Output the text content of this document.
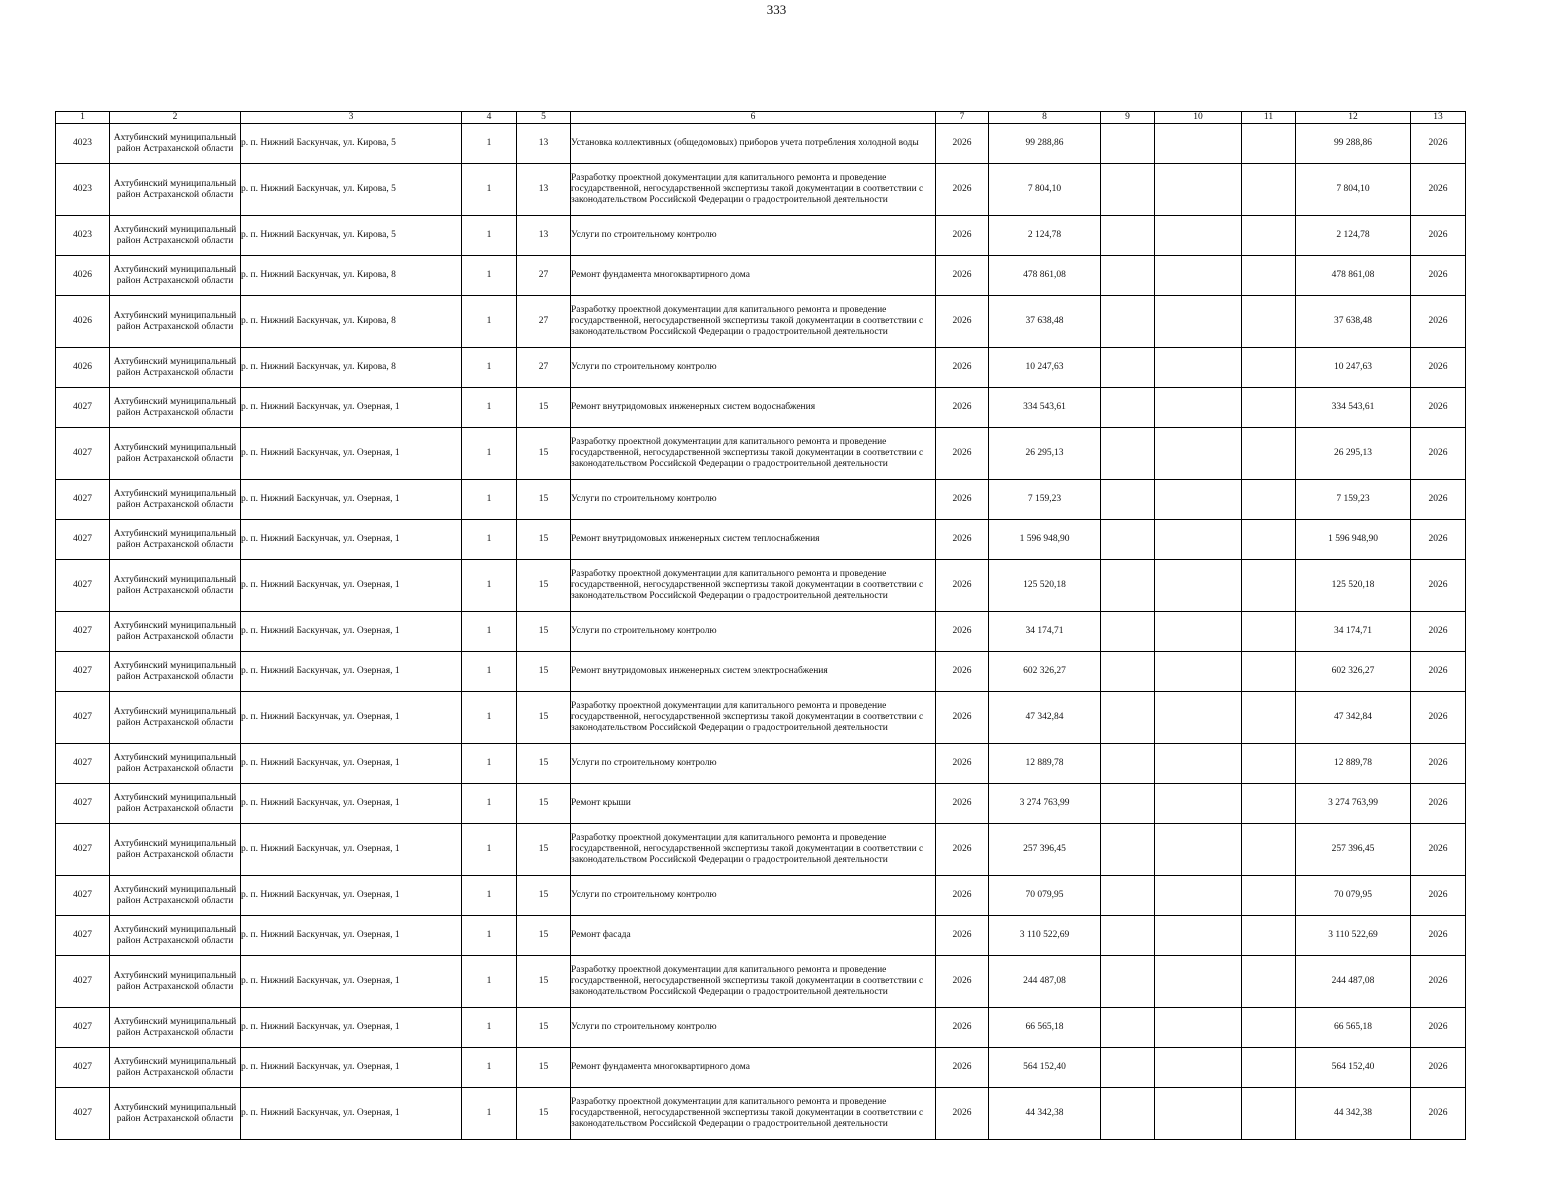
333
1	2	3	4	5	6	7	8	9	10	11	12	13
4023	Ахтубинский муниципальный район Астраханской области	р. п. Нижний Баскунчак, ул. Кирова, 5	1	13	Установка коллективных (общедомовых) приборов учета потребления холодной воды	2026	99 288,86				99 288,86	2026
4023	Ахтубинский муниципальный район Астраханской области	р. п. Нижний Баскунчак, ул. Кирова, 5	1	13	Разработку проектной документации для капитального ремонта и проведение государственной, негосударственной экспертизы такой документации в соответствии с законодательством Российской Федерации о градостроительной деятельности	2026	7 804,10				7 804,10	2026
4023	Ахтубинский муниципальный район Астраханской области	р. п. Нижний Баскунчак, ул. Кирова, 5	1	13	Услуги по строительному контролю	2026	2 124,78				2 124,78	2026
4026	Ахтубинский муниципальный район Астраханской области	р. п. Нижний Баскунчак, ул. Кирова, 8	1	27	Ремонт фундамента многоквартирного дома	2026	478 861,08				478 861,08	2026
4026	Ахтубинский муниципальный район Астраханской области	р. п. Нижний Баскунчак, ул. Кирова, 8	1	27	Разработку проектной документации для капитального ремонта и проведение государственной, негосударственной экспертизы такой документации в соответствии с законодательством Российской Федерации о градостроительной деятельности	2026	37 638,48				37 638,48	2026
4026	Ахтубинский муниципальный район Астраханской области	р. п. Нижний Баскунчак, ул. Кирова, 8	1	27	Услуги по строительному контролю	2026	10 247,63				10 247,63	2026
4027	Ахтубинский муниципальный район Астраханской области	р. п. Нижний Баскунчак, ул. Озерная, 1	1	15	Ремонт внутридомовых инженерных систем водоснабжения	2026	334 543,61				334 543,61	2026
4027	Ахтубинский муниципальный район Астраханской области	р. п. Нижний Баскунчак, ул. Озерная, 1	1	15	Разработку проектной документации для капитального ремонта и проведение государственной, негосударственной экспертизы такой документации в соответствии с законодательством Российской Федерации о градостроительной деятельности	2026	26 295,13				26 295,13	2026
4027	Ахтубинский муниципальный район Астраханской области	р. п. Нижний Баскунчак, ул. Озерная, 1	1	15	Услуги по строительному контролю	2026	7 159,23				7 159,23	2026
4027	Ахтубинский муниципальный район Астраханской области	р. п. Нижний Баскунчак, ул. Озерная, 1	1	15	Ремонт внутридомовых инженерных систем теплоснабжения	2026	1 596 948,90				1 596 948,90	2026
4027	Ахтубинский муниципальный район Астраханской области	р. п. Нижний Баскунчак, ул. Озерная, 1	1	15	Разработку проектной документации для капитального ремонта и проведение государственной, негосударственной экспертизы такой документации в соответствии с законодательством Российской Федерации о градостроительной деятельности	2026	125 520,18				125 520,18	2026
4027	Ахтубинский муниципальный район Астраханской области	р. п. Нижний Баскунчак, ул. Озерная, 1	1	15	Услуги по строительному контролю	2026	34 174,71				34 174,71	2026
4027	Ахтубинский муниципальный район Астраханской области	р. п. Нижний Баскунчак, ул. Озерная, 1	1	15	Ремонт внутридомовых инженерных систем электроснабжения	2026	602 326,27				602 326,27	2026
4027	Ахтубинский муниципальный район Астраханской области	р. п. Нижний Баскунчак, ул. Озерная, 1	1	15	Разработку проектной документации для капитального ремонта и проведение государственной, негосударственной экспертизы такой документации в соответствии с законодательством Российской Федерации о градостроительной деятельности	2026	47 342,84				47 342,84	2026
4027	Ахтубинский муниципальный район Астраханской области	р. п. Нижний Баскунчак, ул. Озерная, 1	1	15	Услуги по строительному контролю	2026	12 889,78				12 889,78	2026
4027	Ахтубинский муниципальный район Астраханской области	р. п. Нижний Баскунчак, ул. Озерная, 1	1	15	Ремонт крыши	2026	3 274 763,99				3 274 763,99	2026
4027	Ахтубинский муниципальный район Астраханской области	р. п. Нижний Баскунчак, ул. Озерная, 1	1	15	Разработку проектной документации для капитального ремонта и проведение государственной, негосударственной экспертизы такой документации в соответствии с законодательством Российской Федерации о градостроительной деятельности	2026	257 396,45				257 396,45	2026
4027	Ахтубинский муниципальный район Астраханской области	р. п. Нижний Баскунчак, ул. Озерная, 1	1	15	Услуги по строительному контролю	2026	70 079,95				70 079,95	2026
4027	Ахтубинский муниципальный район Астраханской области	р. п. Нижний Баскунчак, ул. Озерная, 1	1	15	Ремонт фасада	2026	3 110 522,69				3 110 522,69	2026
4027	Ахтубинский муниципальный район Астраханской области	р. п. Нижний Баскунчак, ул. Озерная, 1	1	15	Разработку проектной документации для капитального ремонта и проведение государственной, негосударственной экспертизы такой документации в соответствии с законодательством Российской Федерации о градостроительной деятельности	2026	244 487,08				244 487,08	2026
4027	Ахтубинский муниципальный район Астраханской области	р. п. Нижний Баскунчак, ул. Озерная, 1	1	15	Услуги по строительному контролю	2026	66 565,18				66 565,18	2026
4027	Ахтубинский муниципальный район Астраханской области	р. п. Нижний Баскунчак, ул. Озерная, 1	1	15	Ремонт фундамента многоквартирного дома	2026	564 152,40				564 152,40	2026
4027	Ахтубинский муниципальный район Астраханской области	р. п. Нижний Баскунчак, ул. Озерная, 1	1	15	Разработку проектной документации для капитального ремонта и проведение государственной, негосударственной экспертизы такой документации в соответствии с законодательством Российской Федерации о градостроительной деятельности	2026	44 342,38				44 342,38	2026
